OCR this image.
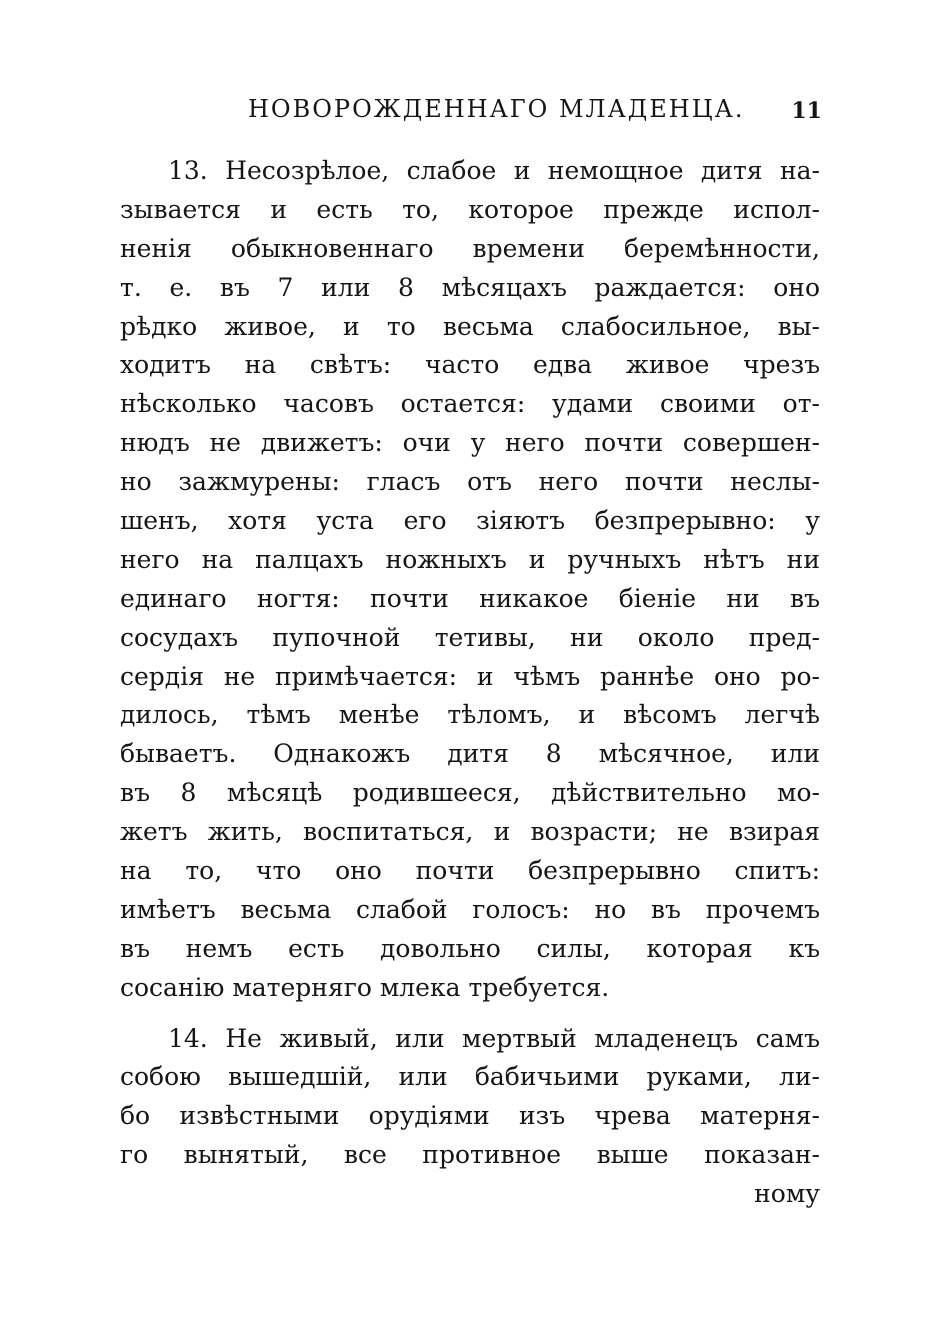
НОВОРОЖДЕННАГО МЛАДЕНЦА. 11
13. Несозрѣлое, слабое и немощное дитя на-
зывается и есть то, которое прежде испол-
ненія обыкновеннаго времени беремѣнности,
т. е. въ 7 или 8 мѣсяцахъ раждается: оно
рѣдко живое, и то весьма слабосильное, вы-
ходитъ на свѣтъ: часто едва живое чрезъ
нѣсколько часовъ остается: удами своими от-
нюдъ не движетъ: очи у него почти совершен-
но зажмурены: гласъ отъ него почти неслы-
шенъ, хотя уста его зіяютъ безпрерывно: у
него на палцахъ ножныхъ и ручныхъ нѣтъ ни
единаго ногтя: почти никакое біеніе ни въ
сосудахъ пупочной тетивы, ни около пред-
сердія не примѣчается: и чѣмъ раннѣе оно ро-
дилось, тѣмъ менѣе тѣломъ, и вѣсомъ легчѣ
бываетъ. Однакожъ дитя 8 мѣсячное, или
въ 8 мѣсяцѣ родившееся, дѣйствительно мо-
жетъ жить, воспитаться, и возрасти; не взирая
на то, что оно почти безпрерывно спитъ:
имѣетъ весьма слабой голосъ: но въ прочемъ
въ немъ есть довольно силы, которая къ
сосанію матерняго млека требуется.
14. Не живый, или мертвый младенецъ самъ
собою вышедшій, или бабичьими руками, ли-
бо извѣстными орудіями изъ чрева матерня-
го вынятый, все противное выше показан-
ному
